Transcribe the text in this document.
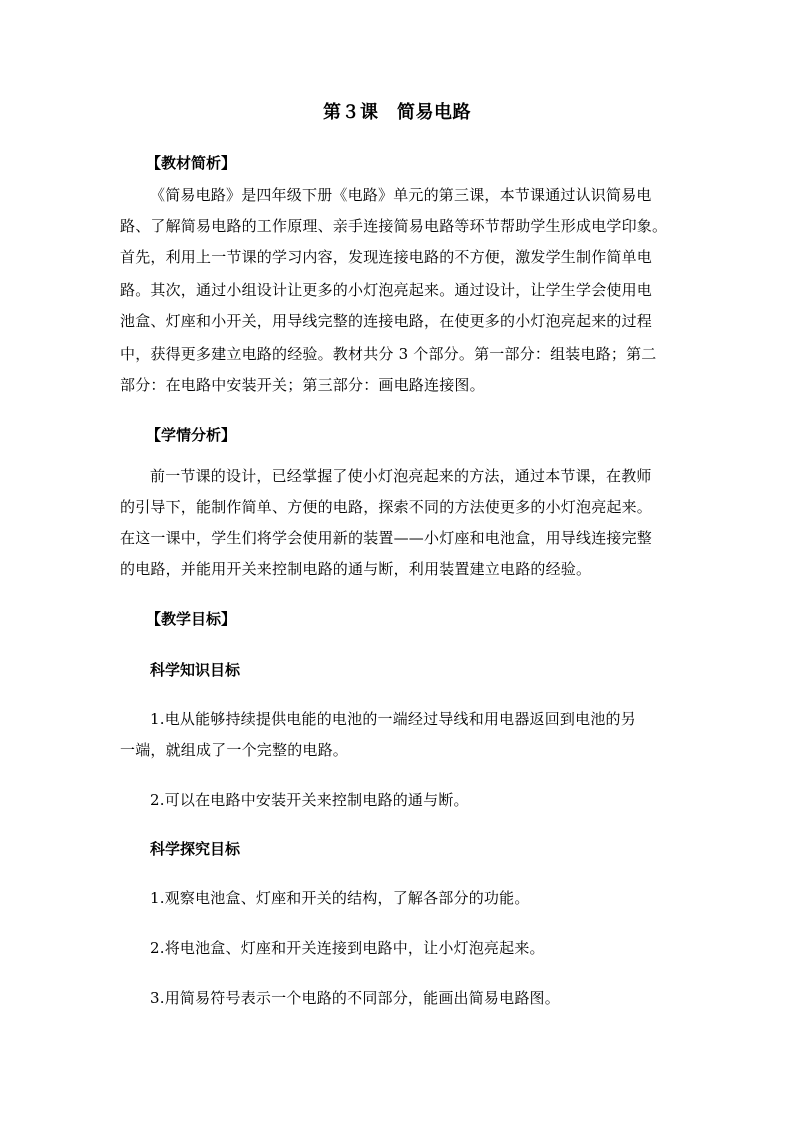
第３课　简易电路
【教材简析】
《简易电路》是四年级下册《电路》单元的第三课，本节课通过认识简易电
路、了解简易电路的工作原理、亲手连接简易电路等环节帮助学生形成电学印象。
首先，利用上一节课的学习内容，发现连接电路的不方便，激发学生制作简单电
路。其次，通过小组设计让更多的小灯泡亮起来。通过设计，让学生学会使用电
池盒、灯座和小开关，用导线完整的连接电路，在使更多的小灯泡亮起来的过程
中，获得更多建立电路的经验。教材共分 3 个部分。第一部分：组装电路；第二
部分：在电路中安装开关；第三部分：画电路连接图。
【学情分析】
前一节课的设计，已经掌握了使小灯泡亮起来的方法，通过本节课，在教师
的引导下，能制作简单、方便的电路，探索不同的方法使更多的小灯泡亮起来。
在这一课中，学生们将学会使用新的装置——小灯座和电池盒，用导线连接完整
的电路，并能用开关来控制电路的通与断，利用装置建立电路的经验。
【教学目标】
科学知识目标
1.电从能够持续提供电能的电池的一端经过导线和用电器返回到电池的另
一端，就组成了一个完整的电路。
2.可以在电路中安装开关来控制电路的通与断。
科学探究目标
1.观察电池盒、灯座和开关的结构，了解各部分的功能。
2.将电池盒、灯座和开关连接到电路中，让小灯泡亮起来。
3.用简易符号表示一个电路的不同部分，能画出简易电路图。
